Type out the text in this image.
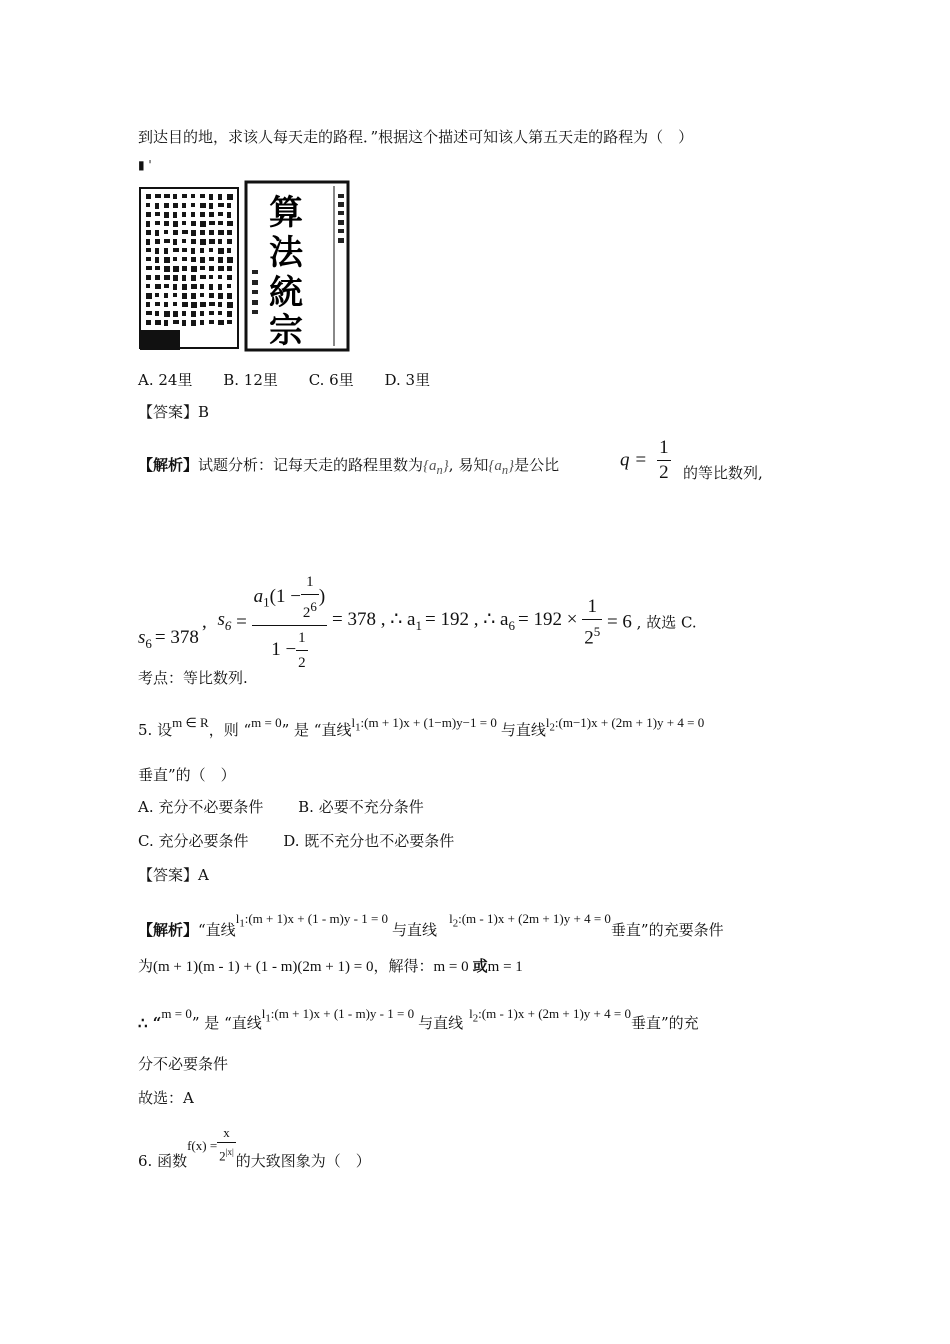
到达目的地，求该人每天走的路程．”根据这个描述可知该人第五天走的路程为（　）
▮ '
算
法
統
宗
A. 24里 B. 12里 C. 6里 D. 3里
【答案】B
【解析】试题分析：记每天走的路程里数为$\{a_n\}$, 易知$\{a_n\}$是公比	$q = \frac{1}{2}$ 的等比数列,
, $s_6 = \frac{a_1(1 - \frac{1}{2^6} )}{1 - \frac{1}{2}} = 378$ , ∴ $a_1 = 192$ , ∴ $a_6 = 192 \times \frac{1}{2^5} = 6$ , 故选 C.
$s_6 = 378$
考点：等比数列.
5. 设m ∈ R，则 “m = 0” 是 “直线$l_1:(m + 1)x + (1-m)y-1 = 0$ 与直线$l_2:(m-1)x + (2m + 1)y + 4 = 0$
垂直”的（　）
A. 充分不必要条件 B. 必要不充分条件
C. 充分必要条件 D. 既不充分也不必要条件
【答案】A
【解析】“直线$l_1:(m + 1)x + (1 - m)y - 1 = 0$与直线$l_2:(m - 1)x + (2m + 1)y + 4 = 0$垂直”的充要条件
为(m + 1)(m - 1) + (1 - m)(2m + 1) = 0，解得：m = 0 或m = 1
∴ “m = 0” 是 “直线$l_1:(m + 1)x + (1 - m)y - 1 = 0$与直线$l_2:(m - 1)x + (2m + 1)y + 4 = 0$垂直”的充
分不必要条件
故选：A
6. 函数$f(x) = \frac{x}{2^{|x|}}$ 的大致图象为（　）
